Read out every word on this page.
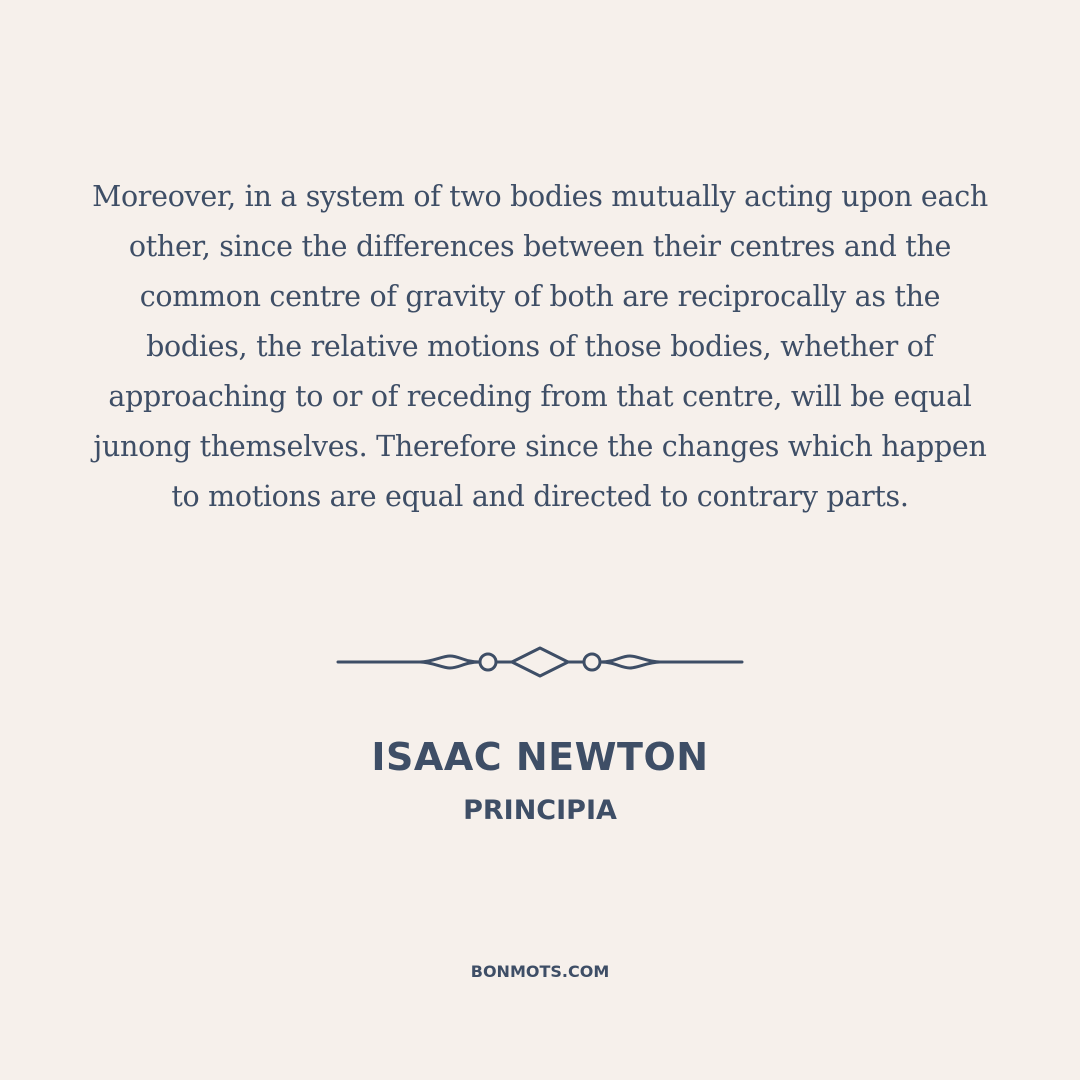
Moreover, in a system of two bodies mutually acting upon each other, since the differences between their centres and the common centre of gravity of both are reciprocally as the bodies, the relative motions of those bodies, whether of approaching to or of receding from that centre, will be equal junong themselves. Therefore since the changes which happen to motions are equal and directed to contrary parts.

ISAAC NEWTON
PRINCIPIA
BONMOTS.COM
